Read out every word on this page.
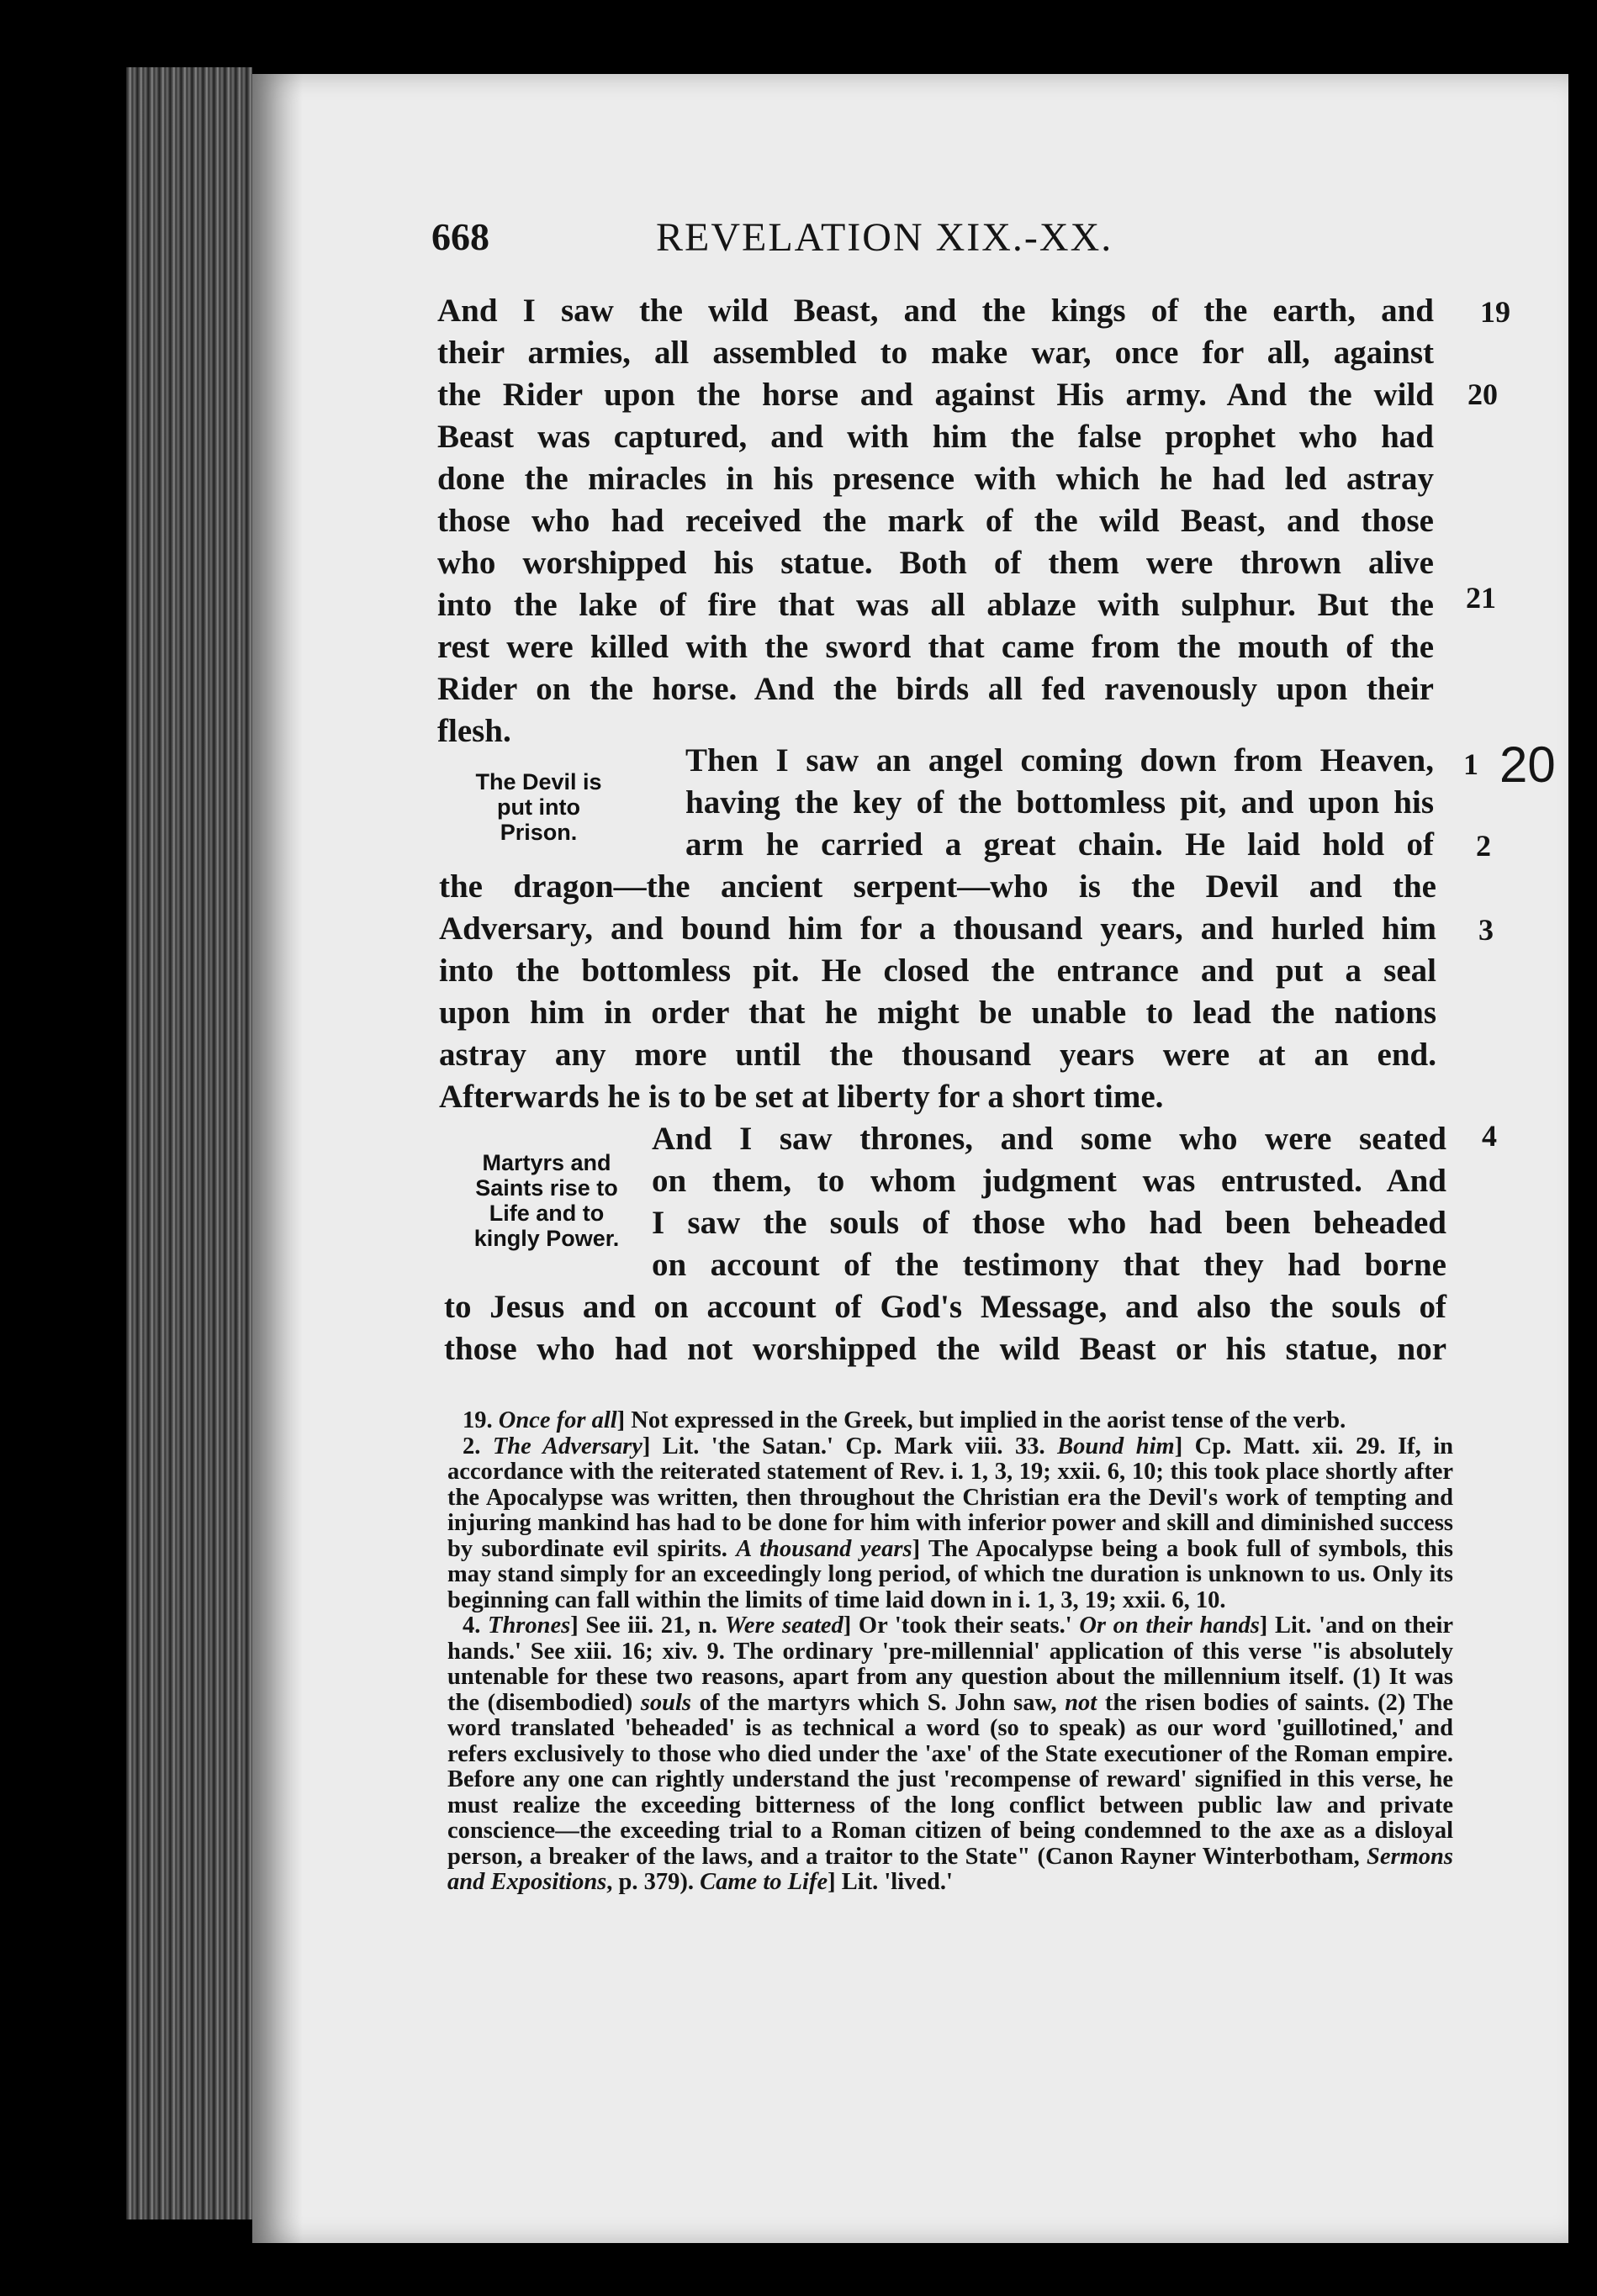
668	REVELATION XIX.-XX.
And I saw the wild Beast, and the kings of the earth, and
their armies, all assembled to make war, once for all, against
the Rider upon the horse and against His army. And the wild
Beast was captured, and with him the false prophet who had
done the miracles in his presence with which he had led astray
those who had received the mark of the wild Beast, and those
who worshipped his statue. Both of them were thrown alive
into the lake of fire that was all ablaze with sulphur. But the
rest were killed with the sword that came from the mouth of the
Rider on the horse. And the birds all fed ravenously upon their
flesh.
The Devil is
put into
Prison.
Then I saw an angel coming down from Heaven,
having the key of the bottomless pit, and upon his
arm he carried a great chain. He laid hold of
the dragon—the ancient serpent—who is the Devil and the
Adversary, and bound him for a thousand years, and hurled him
into the bottomless pit. He closed the entrance and put a seal
upon him in order that he might be unable to lead the nations
astray any more until the thousand years were at an end.
Afterwards he is to be set at liberty for a short time.
Martyrs and
Saints rise to
Life and to
kingly Power.
And I saw thrones, and some who were seated
on them, to whom judgment was entrusted. And
I saw the souls of those who had been beheaded
on account of the testimony that they had borne
to Jesus and on account of God's Message, and also the souls of
those who had not worshipped the wild Beast or his statue, nor
19
20
21
1 20
2
3
4

19. Once for all] Not expressed in the Greek, but implied in the aorist tense of the verb.

2. The Adversary] Lit. 'the Satan.' Cp. Mark viii. 33. Bound him] Cp. Matt. xii. 29. If, in accordance with the reiterated statement of Rev. i. 1, 3, 19; xxii. 6, 10; this took place shortly after the Apocalypse was written, then throughout the Christian era the Devil's work of tempting and injuring mankind has had to be done for him with inferior power and skill and diminished success by subordinate evil spirits. A thousand years] The Apocalypse being a book full of symbols, this may stand simply for an exceedingly long period, of which tne duration is unknown to us. Only its beginning can fall within the limits of time laid down in i. 1, 3, 19; xxii. 6, 10.

4. Thrones] See iii. 21, n. Were seated] Or 'took their seats.' Or on their hands] Lit. 'and on their hands.' See xiii. 16; xiv. 9. The ordinary 'pre-millennial' application of this verse "is absolutely untenable for these two reasons, apart from any question about the millennium itself. (1) It was the (disembodied) souls of the martyrs which S. John saw, not the risen bodies of saints. (2) The word translated 'beheaded' is as technical a word (so to speak) as our word 'guillotined,' and refers exclusively to those who died under the 'axe' of the State executioner of the Roman empire. Before any one can rightly understand the just 'recompense of reward' signified in this verse, he must realize the exceeding bitterness of the long conflict between public law and private conscience—the exceeding trial to a Roman citizen of being condemned to the axe as a disloyal person, a breaker of the laws, and a traitor to the State" (Canon Rayner Winterbotham, Sermons and Expositions, p. 379). Came to Life] Lit. 'lived.'
